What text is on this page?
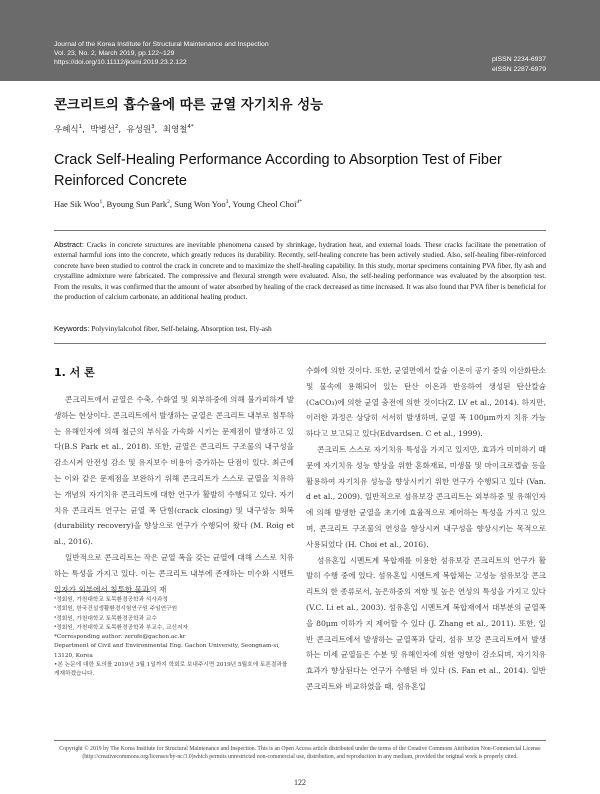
Journal of the Korea Institute for Structural Maintenance and Inspection
Vol. 23, No. 2, March 2019, pp.122~129
https://doi.org/10.11112/jksmi.2019.23.2.122	pISSN 2234-6937
eISSN 2287-6979
콘크리트의 흡수율에 따른 균열 자기치유 성능
우혜식$^1$,  박병선$^2$,  유성원$^3$,  최영철$^{4*}$
Crack Self-Healing Performance According to Absorption Test of Fiber Reinforced Concrete
Hae Sik Woo$^1$, Byoung Sun Park$^2$, Sung Won Yoo$^3$, Young Cheol Choi$^{4*}$
Abstract: Cracks in concrete structures are inevitable phenomena caused by shrinkage, hydration heat, and external loads. These cracks facilitate the penetration of external harmful ions into the concrete, which greatly reduces its durability. Recently, self-healing concrete has been actively studied. Also, self-healing fiber-reinforced concrete have been studied to control the crack in concrete and to maximize the shelf-healing capability. In this study, mortar specimens containing PVA fiber, fly ash and crystalline admixture were fabricated. The compressive and flexural strength were evaluated. Also, the self-healing performance was evaluated by the absorption test. From the results, it was confirmed that the amount of water absorbed by healing of the crack decreased as time increased. It was also found that PVA fiber is beneficial for the production of calcium carbonate, an additional healing product.
Keywords: Polyvinylalcohol fiber, Self-helaing, Absorption test, Fly-ash
1. 서 론

콘크리트에서 균열은 수축, 수화열 및 외부하중에 의해 불가피하게 발생하는 현상이다. 콘크리트에서 발생하는 균열은 콘크리트 내부로 침투하는 유해인자에 의해 철근의 부식을 가속화 시키는 문제점이 발생하고 있다(B.S Park et al., 2018). 또한, 균열은 콘크리트 구조물의 내구성을 감소시켜 안전성 감소 및 유지보수 비용이 증가하는 단점이 있다. 최근에는 이와 같은 문제점을 보완하기 위해 콘크리트가 스스로 균열을 치유하는 개념의 자기치유 콘크리트에 대한 연구가 활발히 수행되고 있다. 자기치유 콘크리트 연구는 균열 폭 단힘(crack closing) 및 내구성능 회복(durability recovery)을 향상으로 연구가 수행되어 왔다 (M. Roig et al., 2016).

일반적으로 콘크리트는 작은 균열 폭을 갖는 균열에 대해 스스로 치유하는 특성을 가지고 있다. 이는 콘크리트 내부에 존재하는 미수화 시멘트 입자가 외부에서 침투한 물과의 재

¹정회원, 가천대학교 토목환경공학과 석사과정
²정회원, 한국건설생활환경시험연구원 주임연구원
³정회원, 가천대학교 토목환경공학과 교수
⁴정회원, 가천대학교 토목환경공학과 부교수, 교신저자
*Corresponding author: zerofe@gachon.ac.kr
Department of Civil and Environmental Eng. Gachon University, Seongnam-si, 13120, Korea
•본 논문에 대한 토의를 2019년 3월 1일까지 학회로 보내주시면 2019년 5월호에 토론결과를 게재하겠습니다.

수화에 의한 것이다. 또한, 균열면에서 칼슘 이온이 공기 중의 이산화탄소 및 물속에 용해되어 있는 탄산 이온과 반응하여 생성된 탄산칼슘(CaCO₃)에 의한 균열 충전에 의한 것이다(Z. LV et al., 2014). 하지만, 이러한 과정은 상당히 서서히 발생하며, 균열 폭 100μm까지 치유 가능하다고 보고되고 있다(Edvardsen. C et al., 1999).

콘크리트 스스로 자기치유 특성을 가지고 있지만, 효과가 미미하기 때문에 자기치유 성능 향상을 위한 혼화재료, 미생물 및 마이크로캡슐 등을 활용하여 자기치유 성능을 향상시키기 위한 연구가 수행되고 있다 (Van. d et al., 2009). 일반적으로 섬유보강 콘크리트는 외부하중 및 유해인자에 의해 발생한 균열을 초기에 효율적으로 제어하는 특성을 가지고 있으며, 콘크리트 구조물의 연성을 향상시켜 내구성을 향상시키는 목적으로 사용되었다 (H. Choi et al., 2016).

섬유혼입 시멘트계 복합재를 이용한 섬유보강 콘크리트의 연구가 활발히 수행 중에 있다. 섬유혼입 시멘트계 복합체는 고성능 섬유보강 콘크리트의 한 종류로서, 높은하중의 저항 및 높은 연성의 특성을 가지고 있다 (V.C. Li et al., 2003). 섬유혼입 시멘트계 복합재에서 대부분의 균열폭을 80μm 이하가 지 제어할 수 있다 (J. Zhang et al., 2011). 또한, 일반 콘크리트에서 발생하는 균열폭과 달리, 섬유 보강 콘크리트에서 발생하는 미세 균열들은 수분 및 유해인자에 의한 영향이 감소되며, 자기치유 효과가 향상된다는 연구가 수행된 바 있다 (S. Fan et al., 2014). 일반 콘크리트와 비교하였을 때, 섬유혼입

Copyright © 2019 by The Korea Institute for Structural Maintenance and Inspection. This is an Open Access article distributed under the terms of the Creative Commons Attribution Non-Commercial License (http://creativecommons.org/licenses/by-nc/3.0)which permits unrestricted non-commercial use, distribution, and reproduction in any medium, provided the original work is properly cited.
122
